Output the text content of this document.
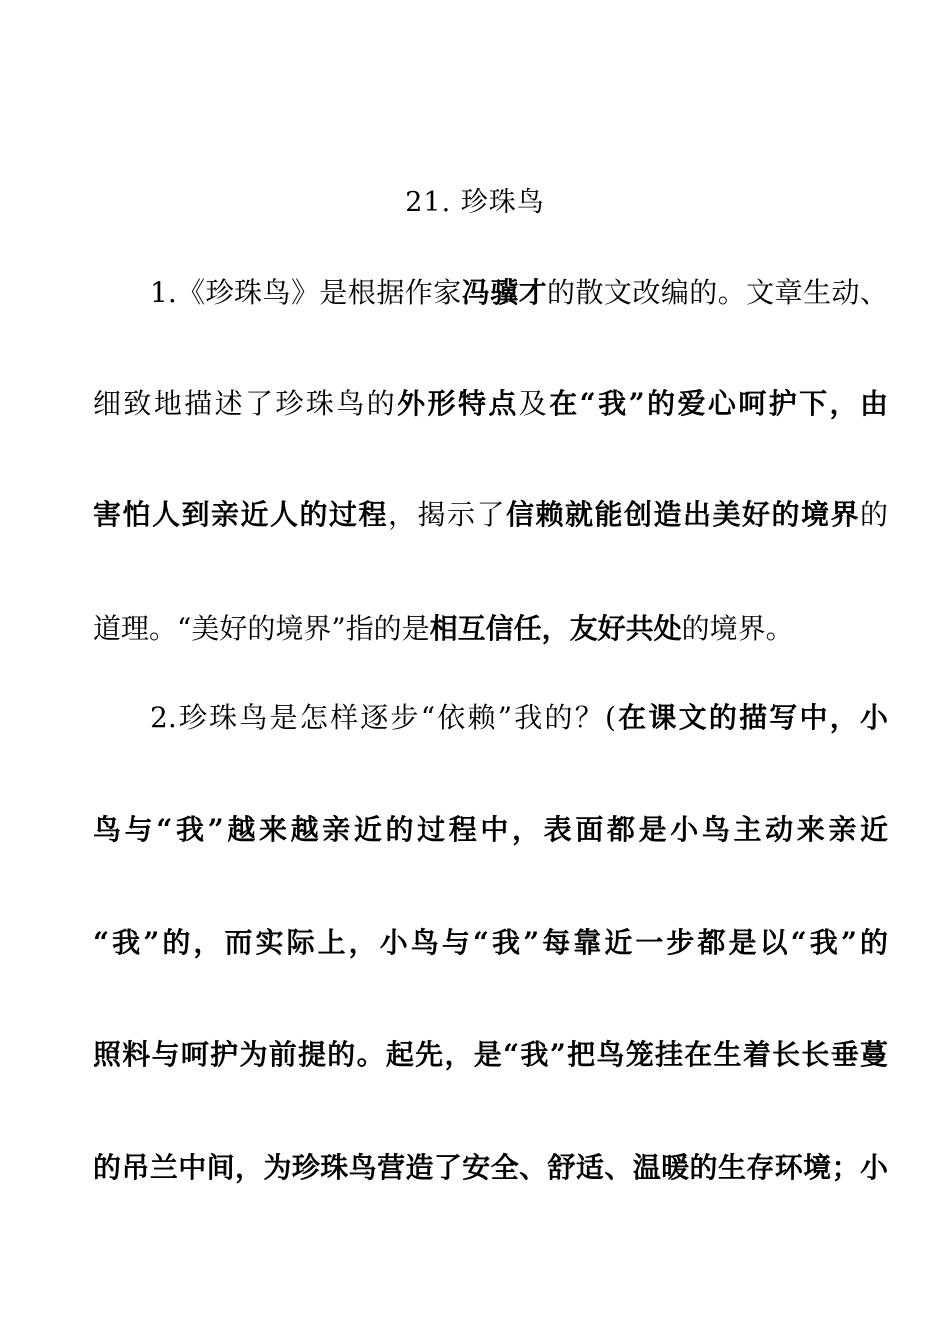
21. 珍珠鸟
1.《珍珠鸟》是根据作家冯骥才的散文改编的。文章生动、
细致地描述了珍珠鸟的外形特点及在“我”的爱心呵护下，由
害怕人到亲近人的过程，揭示了信赖就能创造出美好的境界的
道理。“美好的境界”指的是相互信任，友好共处的境界。
2.珍珠鸟是怎样逐步“依赖”我的？(在课文的描写中，小
鸟与“我”越来越亲近的过程中，表面都是小鸟主动来亲近
“我”的，而实际上，小鸟与“我”每靠近一步都是以“我”的
照料与呵护为前提的。起先，是“我”把鸟笼挂在生着长长垂蔓
的吊兰中间，为珍珠鸟营造了安全、舒适、温暖的生存环境；小
